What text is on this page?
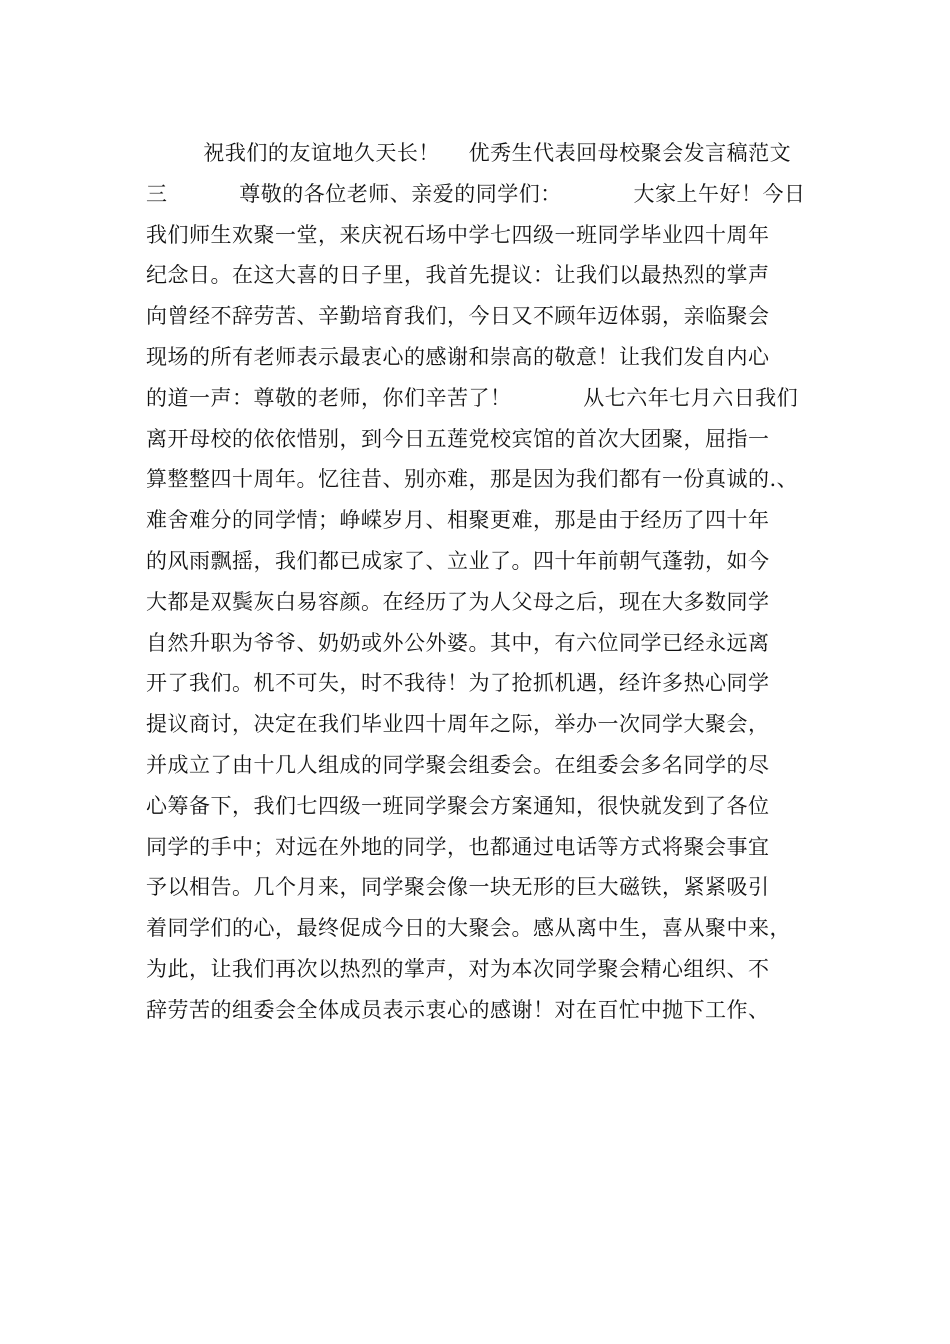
祝我们的友谊地久天长！    优秀生代表回母校聚会发言稿范文
三          尊敬的各位老师、亲爱的同学们：          大家上午好！今日
我们师生欢聚一堂，来庆祝石场中学七四级一班同学毕业四十周年
纪念日。在这大喜的日子里，我首先提议：让我们以最热烈的掌声
向曾经不辞劳苦、辛勤培育我们，今日又不顾年迈体弱，亲临聚会
现场的所有老师表示最衷心的感谢和崇高的敬意！让我们发自内心
的道一声：尊敬的老师，你们辛苦了！          从七六年七月六日我们
离开母校的依依惜别，到今日五莲党校宾馆的首次大团聚，屈指一
算整整四十周年。忆往昔、别亦难，那是因为我们都有一份真诚的.、
难舍难分的同学情；峥嵘岁月、相聚更难，那是由于经历了四十年
的风雨飘摇，我们都已成家了、立业了。四十年前朝气蓬勃，如今
大都是双鬓灰白易容颜。在经历了为人父母之后，现在大多数同学
自然升职为爷爷、奶奶或外公外婆。其中，有六位同学已经永远离
开了我们。机不可失，时不我待！为了抢抓机遇，经许多热心同学
提议商讨，决定在我们毕业四十周年之际，举办一次同学大聚会，
并成立了由十几人组成的同学聚会组委会。在组委会多名同学的尽
心筹备下，我们七四级一班同学聚会方案通知，很快就发到了各位
同学的手中；对远在外地的同学，也都通过电话等方式将聚会事宜
予以相告。几个月来，同学聚会像一块无形的巨大磁铁，紧紧吸引
着同学们的心，最终促成今日的大聚会。感从离中生，喜从聚中来，
为此，让我们再次以热烈的掌声，对为本次同学聚会精心组织、不
辞劳苦的组委会全体成员表示衷心的感谢！对在百忙中抛下工作、
